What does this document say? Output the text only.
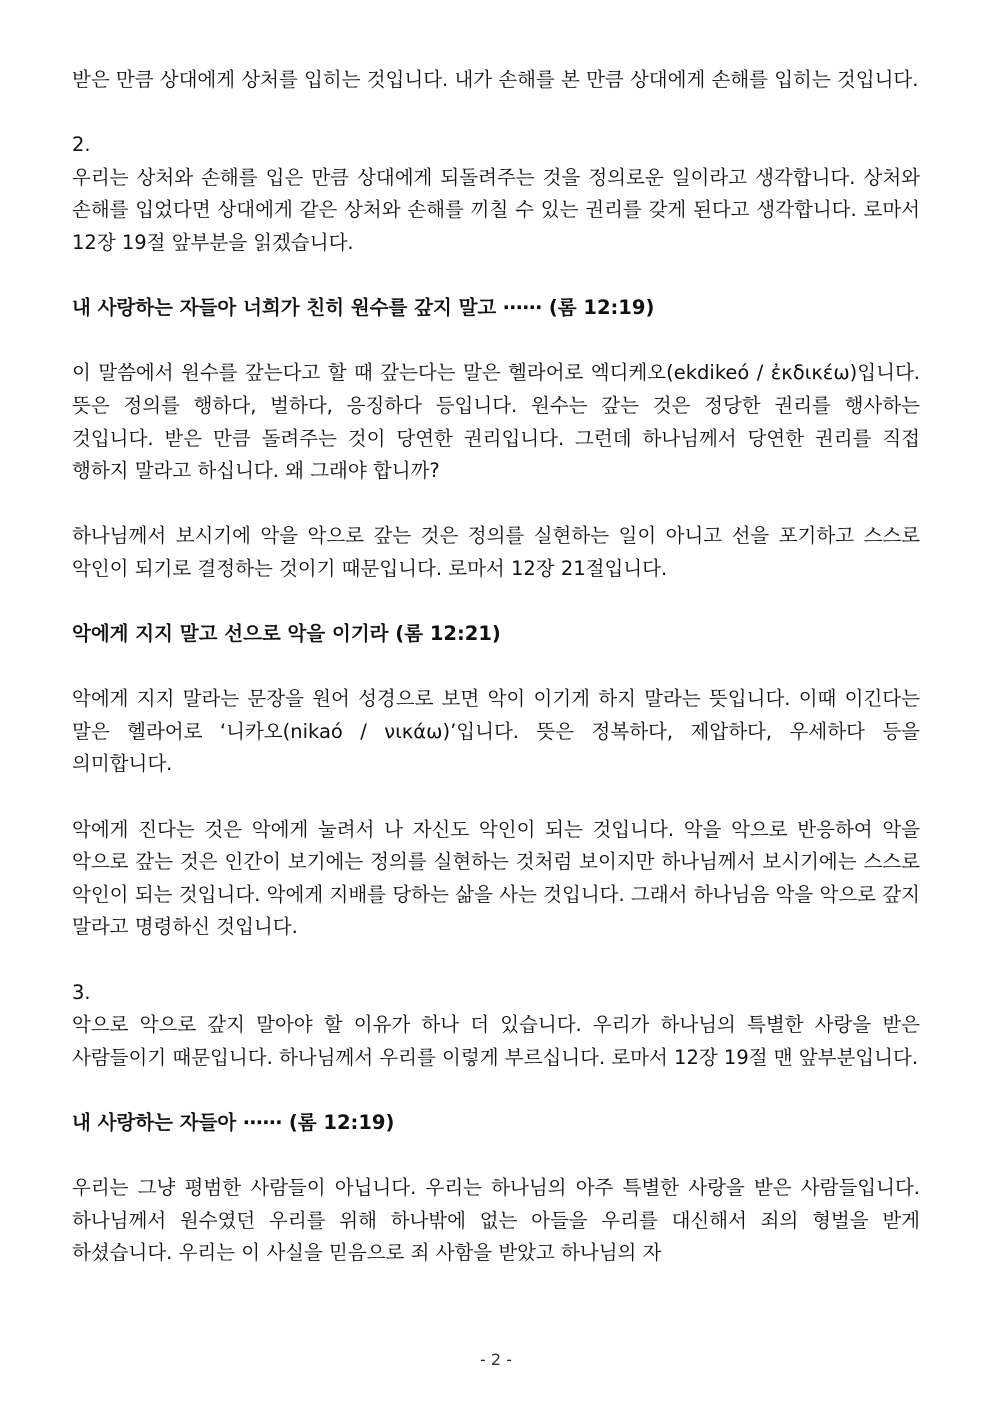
받은 만큼 상대에게 상처를 입히는 것입니다. 내가 손해를 본 만큼 상대에게 손해를 입히는 것입니다.

2.

우리는 상처와 손해를 입은 만큼 상대에게 되돌려주는 것을 정의로운 일이라고 생각합니다. 상처와 손해를 입었다면 상대에게 같은 상처와 손해를 끼칠 수 있는 권리를 갖게 된다고 생각합니다. 로마서 12장 19절 앞부분을 읽겠습니다.

내 사랑하는 자들아 너희가 친히 원수를 갚지 말고 ⋯⋯ (롬 12:19)

이 말씀에서 원수를 갚는다고 할 때 갚는다는 말은 헬라어로 엑디케오(ekdikeó / ἐκδικέω)입니다. 뜻은 정의를 행하다, 벌하다, 응징하다 등입니다. 원수는 갚는 것은 정당한 권리를 행사하는 것입니다. 받은 만큼 돌려주는 것이 당연한 권리입니다. 그런데 하나님께서 당연한 권리를 직접 행하지 말라고 하십니다. 왜 그래야 합니까?

하나님께서 보시기에 악을 악으로 갚는 것은 정의를 실현하는 일이 아니고 선을 포기하고 스스로 악인이 되기로 결정하는 것이기 때문입니다. 로마서 12장 21절입니다.

악에게 지지 말고 선으로 악을 이기라 (롬 12:21)

악에게 지지 말라는 문장을 원어 성경으로 보면 악이 이기게 하지 말라는 뜻입니다. 이때 이긴다는 말은 헬라어로 ‘니카오(nikaó / νικάω)’입니다. 뜻은 정복하다, 제압하다, 우세하다 등을 의미합니다.

악에게 진다는 것은 악에게 눌려서 나 자신도 악인이 되는 것입니다. 악을 악으로 반응하여 악을 악으로 갚는 것은 인간이 보기에는 정의를 실현하는 것처럼 보이지만 하나님께서 보시기에는 스스로 악인이 되는 것입니다. 악에게 지배를 당하는 삶을 사는 것입니다. 그래서 하나님음 악을 악으로 갚지 말라고 명령하신 것입니다.

3.

악으로 악으로 갚지 말아야 할 이유가 하나 더 있습니다. 우리가 하나님의 특별한 사랑을 받은 사람들이기 때문입니다. 하나님께서 우리를 이렇게 부르십니다. 로마서 12장 19절 맨 앞부분입니다.

내 사랑하는 자들아 ⋯⋯ (롬 12:19)

우리는 그냥 평범한 사람들이 아닙니다. 우리는 하나님의 아주 특별한 사랑을 받은 사람들입니다. 하나님께서 원수였던 우리를 위해 하나밖에 없는 아들을 우리를 대신해서 죄의 형벌을 받게 하셨습니다. 우리는 이 사실을 믿음으로 죄 사함을 받았고 하나님의 자

- 2 -
